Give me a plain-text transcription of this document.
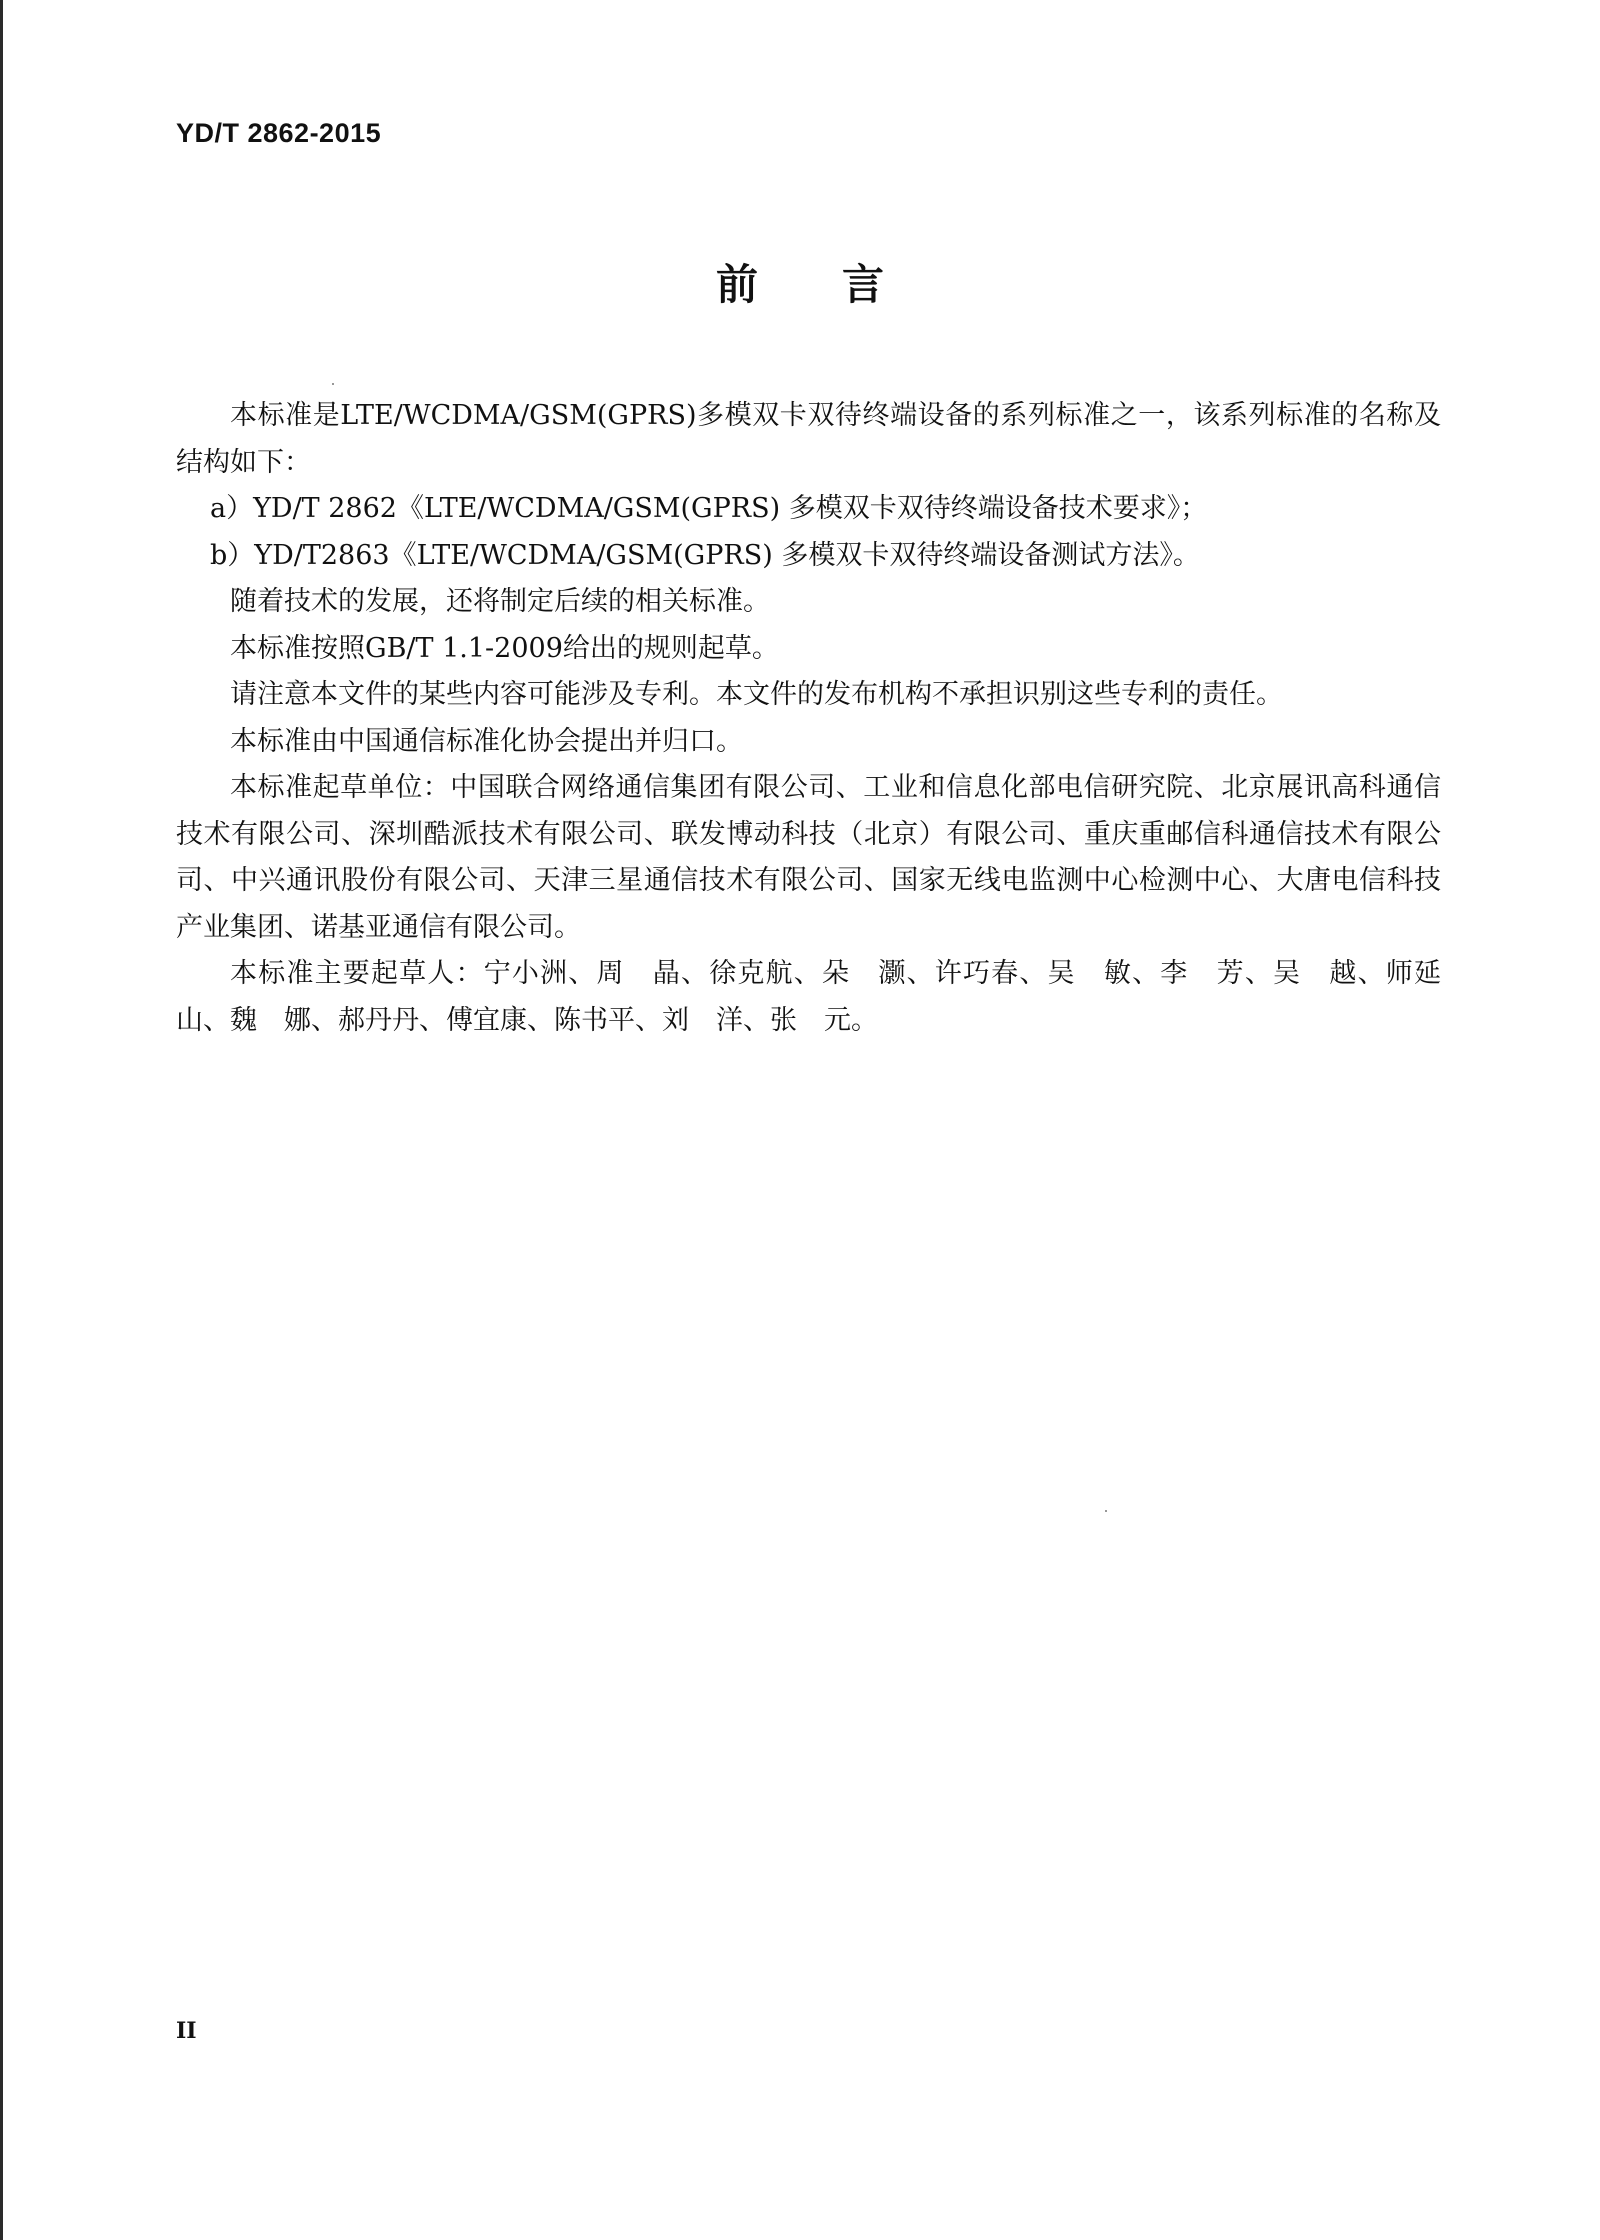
YD/T 2862-2015
前 言

本标准是LTE/WCDMA/GSM(GPRS)多模双卡双待终端设备的系列标准之一，该系列标准的名称及结构如下：

a）YD/T 2862《LTE/WCDMA/GSM(GPRS) 多模双卡双待终端设备技术要求》；

b）YD/T2863《LTE/WCDMA/GSM(GPRS) 多模双卡双待终端设备测试方法》。

随着技术的发展，还将制定后续的相关标准。

本标准按照GB/T 1.1-2009给出的规则起草。

请注意本文件的某些内容可能涉及专利。本文件的发布机构不承担识别这些专利的责任。

本标准由中国通信标准化协会提出并归口。

本标准起草单位：中国联合网络通信集团有限公司、工业和信息化部电信研究院、北京展讯高科通信技术有限公司、深圳酷派技术有限公司、联发博动科技（北京）有限公司、重庆重邮信科通信技术有限公司、中兴通讯股份有限公司、天津三星通信技术有限公司、国家无线电监测中心检测中心、大唐电信科技产业集团、诺基亚通信有限公司。

本标准主要起草人：宁小洲、周　晶、徐克航、朵　灏、许巧春、吴　敏、李　芳、吴　越、师延山、魏　娜、郝丹丹、傅宜康、陈书平、刘　洋、张　元。

II
